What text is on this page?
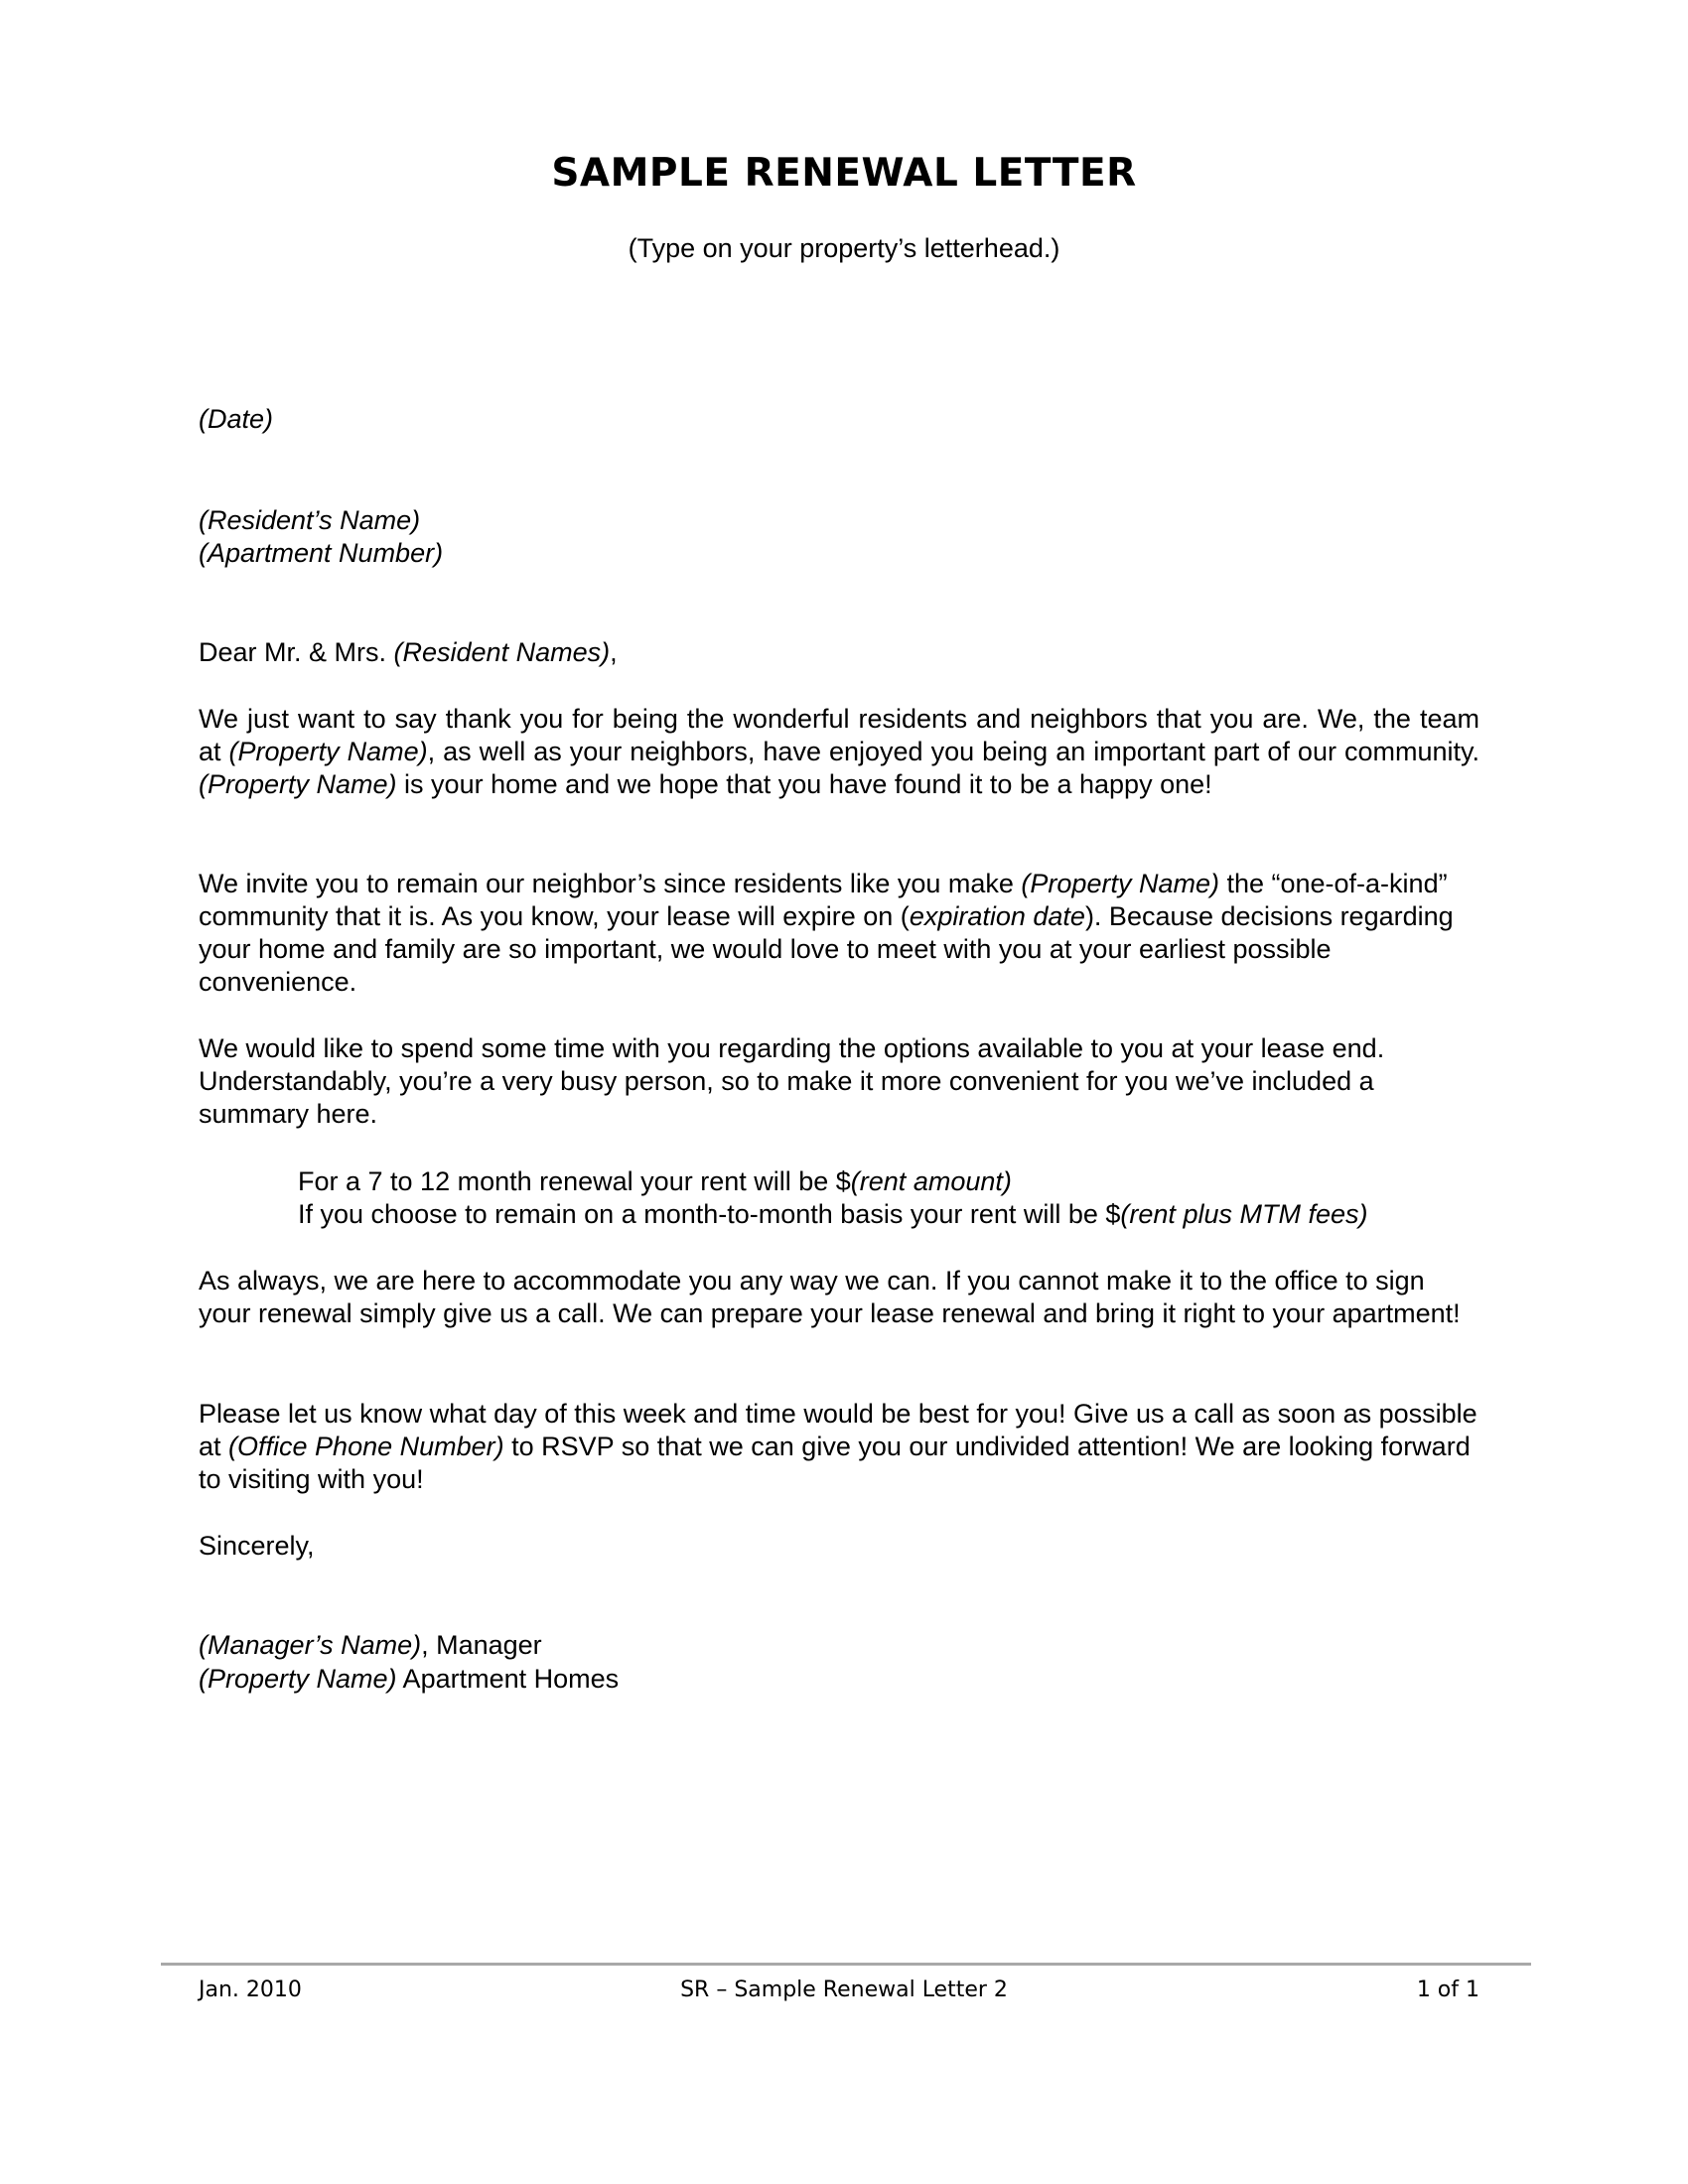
SAMPLE RENEWAL LETTER
(Type on your property’s letterhead.)
(Date)
(Resident’s Name)
(Apartment Number)
Dear Mr. & Mrs. (Resident Names),

We just want to say thank you for being the wonderful residents and neighbors that you are. We, the team at (Property Name), as well as your neighbors, have enjoyed you being an important part of our community. (Property Name) is your home and we hope that you have found it to be a happy one!

We invite you to remain our neighbor’s since residents like you make (Property Name) the “one-of-a-kind” community that it is. As you know, your lease will expire on (expiration date). Because decisions regarding your home and family are so important, we would love to meet with you at your earliest possible convenience.

We would like to spend some time with you regarding the options available to you at your lease end. Understandably, you’re a very busy person, so to make it more convenient for you we’ve included a summary here.

For a 7 to 12 month renewal your rent will be $(rent amount)
If you choose to remain on a month-to-month basis your rent will be $(rent plus MTM fees)

As always, we are here to accommodate you any way we can. If you cannot make it to the office to sign your renewal simply give us a call. We can prepare your lease renewal and bring it right to your apartment!

Please let us know what day of this week and time would be best for you! Give us a call as soon as possible at (Office Phone Number) to RSVP so that we can give you our undivided attention! We are looking forward to visiting with you!

Sincerely,
(Manager’s Name), Manager
(Property Name) Apartment Homes
Jan. 2010	SR – Sample Renewal Letter 2	1 of 1
